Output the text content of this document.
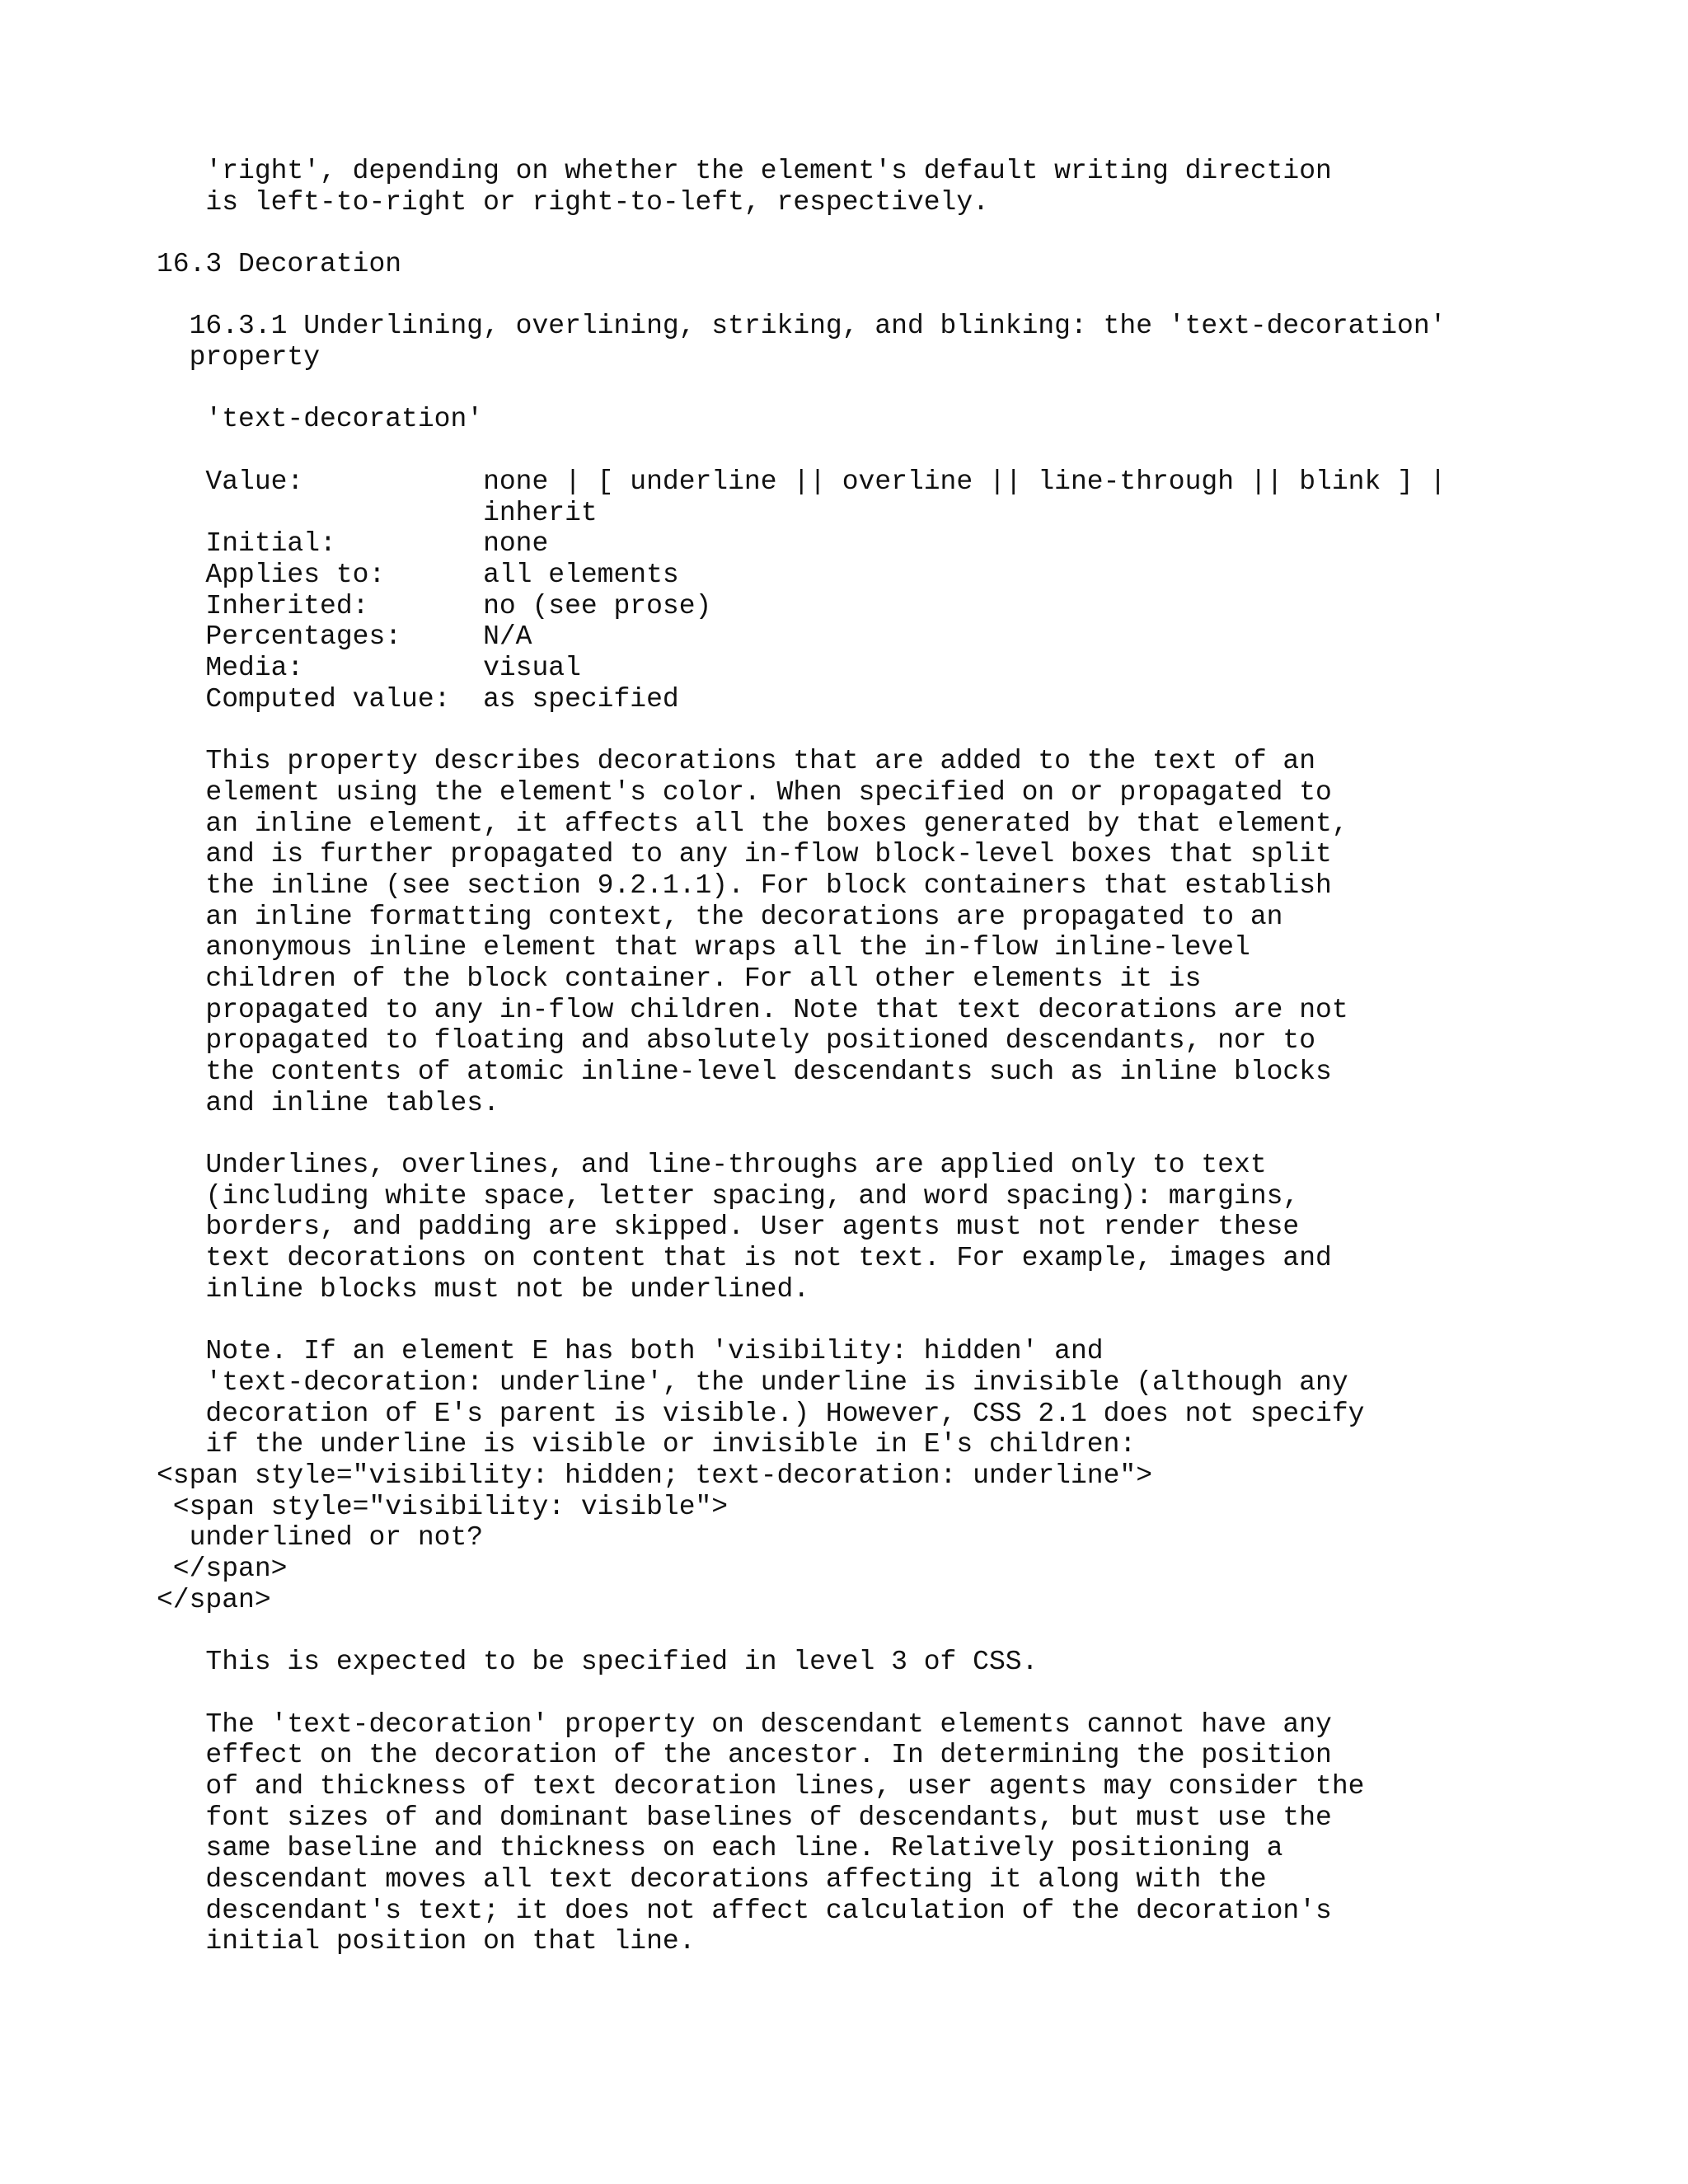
'right', depending on whether the element's default writing direction
is left-to-right or right-to-left, respectively.
16.3 Decoration
16.3.1 Underlining, overlining, striking, and blinking: the 'text-decoration'
property
'text-decoration'
Value:           none | [ underline || overline || line-through || blink ] |
inherit
Initial:         none
Applies to:      all elements
Inherited:       no (see prose)
Percentages:     N/A
Media:           visual
Computed value:  as specified
This property describes decorations that are added to the text of an
element using the element's color. When specified on or propagated to
an inline element, it affects all the boxes generated by that element,
and is further propagated to any in-flow block-level boxes that split
the inline (see section 9.2.1.1). For block containers that establish
an inline formatting context, the decorations are propagated to an
anonymous inline element that wraps all the in-flow inline-level
children of the block container. For all other elements it is
propagated to any in-flow children. Note that text decorations are not
propagated to floating and absolutely positioned descendants, nor to
the contents of atomic inline-level descendants such as inline blocks
and inline tables.
Underlines, overlines, and line-throughs are applied only to text
(including white space, letter spacing, and word spacing): margins,
borders, and padding are skipped. User agents must not render these
text decorations on content that is not text. For example, images and
inline blocks must not be underlined.
Note. If an element E has both 'visibility: hidden' and
'text-decoration: underline', the underline is invisible (although any
decoration of E's parent is visible.) However, CSS 2.1 does not specify
if the underline is visible or invisible in E's children:
<span style="visibility: hidden; text-decoration: underline">
<span style="visibility: visible">
underlined or not?
</span>
</span>
This is expected to be specified in level 3 of CSS.
The 'text-decoration' property on descendant elements cannot have any
effect on the decoration of the ancestor. In determining the position
of and thickness of text decoration lines, user agents may consider the
font sizes of and dominant baselines of descendants, but must use the
same baseline and thickness on each line. Relatively positioning a
descendant moves all text decorations affecting it along with the
descendant's text; it does not affect calculation of the decoration's
initial position on that line.
